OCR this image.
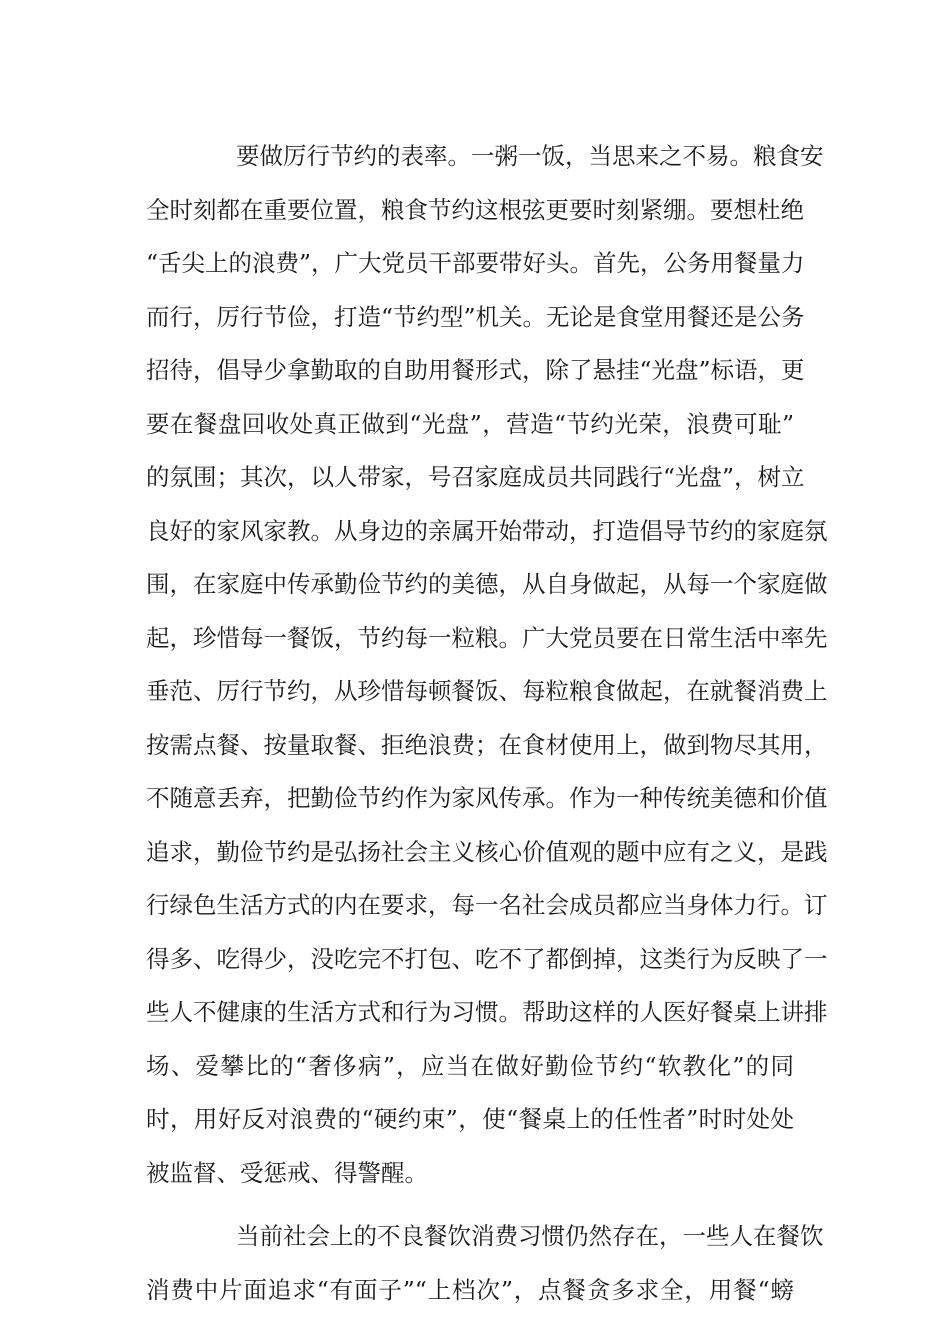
要做厉行节约的表率。一粥一饭，当思来之不易。粮食安
全时刻都在重要位置，粮食节约这根弦更要时刻紧绷。要想杜绝
“舌尖上的浪费”，广大党员干部要带好头。首先，公务用餐量力
而行，厉行节俭，打造“节约型”机关。无论是食堂用餐还是公务
招待，倡导少拿勤取的自助用餐形式，除了悬挂“光盘”标语，更
要在餐盘回收处真正做到“光盘”，营造“节约光荣，浪费可耻”
的氛围；其次，以人带家，号召家庭成员共同践行“光盘”，树立
良好的家风家教。从身边的亲属开始带动，打造倡导节约的家庭氛
围，在家庭中传承勤俭节约的美德，从自身做起，从每一个家庭做
起，珍惜每一餐饭，节约每一粒粮。广大党员要在日常生活中率先
垂范、厉行节约，从珍惜每顿餐饭、每粒粮食做起，在就餐消费上
按需点餐、按量取餐、拒绝浪费；在食材使用上，做到物尽其用，
不随意丢弃，把勤俭节约作为家风传承。作为一种传统美德和价值
追求，勤俭节约是弘扬社会主义核心价值观的题中应有之义，是践
行绿色生活方式的内在要求，每一名社会成员都应当身体力行。订
得多、吃得少，没吃完不打包、吃不了都倒掉，这类行为反映了一
些人不健康的生活方式和行为习惯。帮助这样的人医好餐桌上讲排
场、爱攀比的“奢侈病”，应当在做好勤俭节约“软教化”的同
时，用好反对浪费的“硬约束”，使“餐桌上的任性者”时时处处
被监督、受惩戒、得警醒。
当前社会上的不良餐饮消费习惯仍然存在，一些人在餐饮
消费中片面追求“有面子”“上档次”，点餐贪多求全，用餐“螃
